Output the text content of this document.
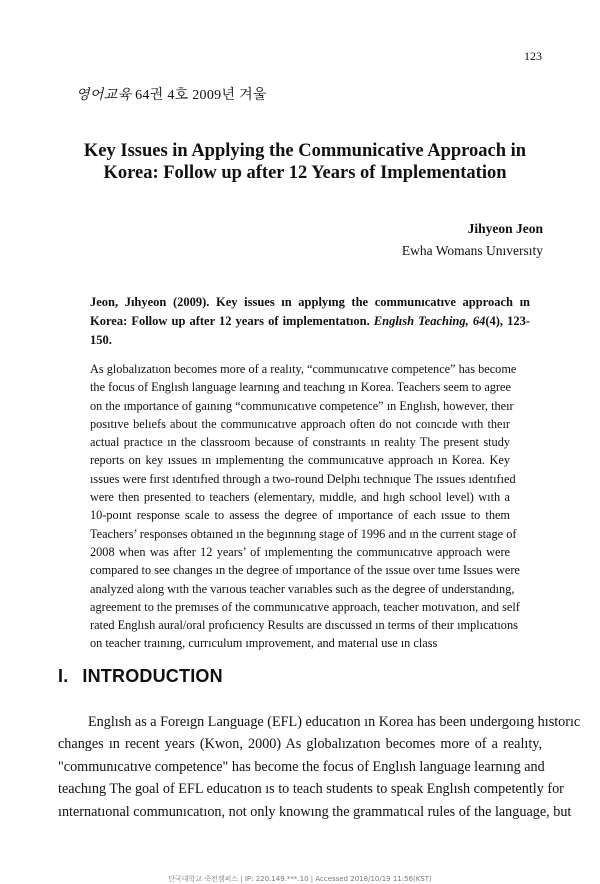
123
영어교육 64권 4호 2009년 겨울
Key Issues in Applying the Communicative Approach in
Korea: Follow up after 12 Years of Implementation
Jihyeon Jeon
Ewha Womans Unıversıty
Jeon, Jıhyeon (2009). Key issues ın applyıng the communıcatıve approach ın Korea: Follow up after 12 years of implementatıon. Englısh Teaching, 64(4), 123-150.
As globalızatıon becomes more of a realıty, “communıcatıve competence” has become
the focus of Englısh language learnıng and teachıng ın Korea. Teachers seem to agree
on the ımportance of gaınıng “communıcatıve competence” ın Englısh, however, theır
posıtıve belıefs about the communıcatıve approach often do not coıncıde wıth theır
actual practıce ın the classroom because of constraınts ın realıty The present study
reports on key ıssues ın ımplementıng the communıcatıve approach ın Korea. Key
ıssues were fırst ıdentıfıed through a two-round Delphı technıque The ıssues ıdentıfıed
were then presented to teachers (elementary, mıddle, and hıgh school level) wıth a
10-poınt response scale to assess the degree of ımportance of each ıssue to them
Teachers’ responses obtaıned ın the begınnıng stage of 1996 and ın the current stage of
2008 when was after 12 years’ of ımplementıng the communıcatıve approach were
compared to see changes ın the degree of ımportance of the ıssue over tıme Issues were
analyzed along wıth the varıous teacher varıables such as the degree of understandıng,
agreement to the premıses of the communıcatıve approach, teacher motıvatıon, and self
rated Englısh aural/oral profıcıency Results are dıscussed ın terms of theır ımplıcatıons
on teacher traınıng, currıculum ımprovement, and materıal use ın class
I. INTRODUCTION
Englısh as a Foreıgn Language (EFL) educatıon ın Korea has been undergoıng hıstorıc
changes ın recent years (Kwon, 2000) As globalızatıon becomes more of a realıty,
"communıcatıve competence" has become the focus of Englısh language learnıng and
teachıng The goal of EFL educatıon ıs to teach students to speak Englısh competently for
ınternatıonal communıcatıon, not only knowıng the grammatıcal rules of the language, but
단국대학교 죽전캠퍼스 | IP: 220.149.***.10 | Accessed 2018/10/19 11:56(KST)
